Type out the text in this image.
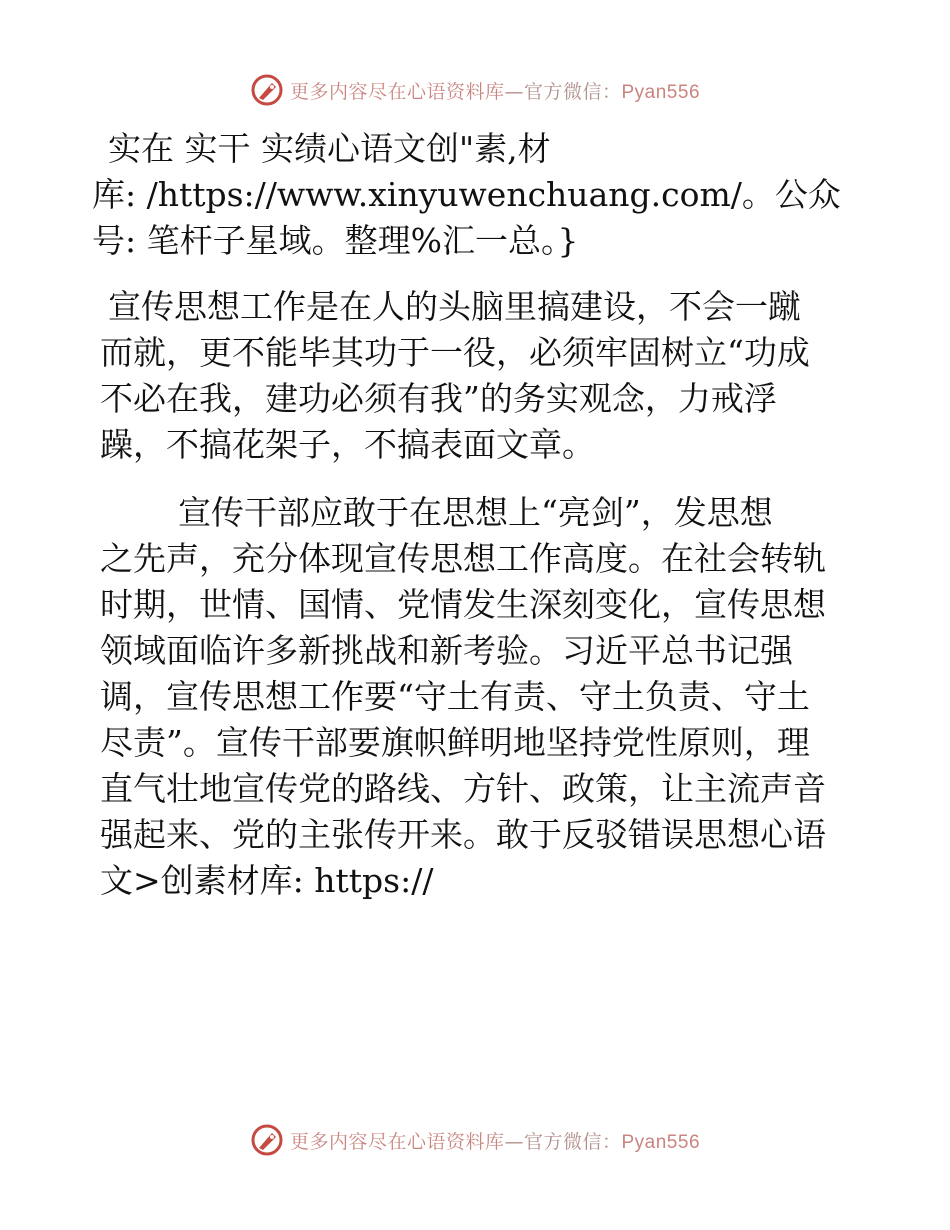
更多内容尽在心语资料库—官方微信：Pyan556

实在 实干 实绩心语文创"素,材

库: /https://www.xinyuwenchuang.com/。公众
号: 笔杆子星域。整理%汇一总。}

宣传思想工作是在人的头脑里搞建设，不会一蹴
而就，更不能毕其功于一役，必须牢固树立“功成
不必在我，建功必须有我”的务实观念，力戒浮
躁，不搞花架子，不搞表面文章。

宣传干部应敢于在思想上“亮剑”，发思想
之先声，充分体现宣传思想工作高度。在社会转轨
时期，世情、国情、党情发生深刻变化，宣传思想
领域面临许多新挑战和新考验。习近平总书记强
调，宣传思想工作要“守土有责、守土负责、守土
尽责”。宣传干部要旗帜鲜明地坚持党性原则，理
直气壮地宣传党的路线、方针、政策，让主流声音
强起来、党的主张传开来。敢于反驳错误思想心语
文>创素材库: https://

更多内容尽在心语资料库—官方微信：Pyan556
